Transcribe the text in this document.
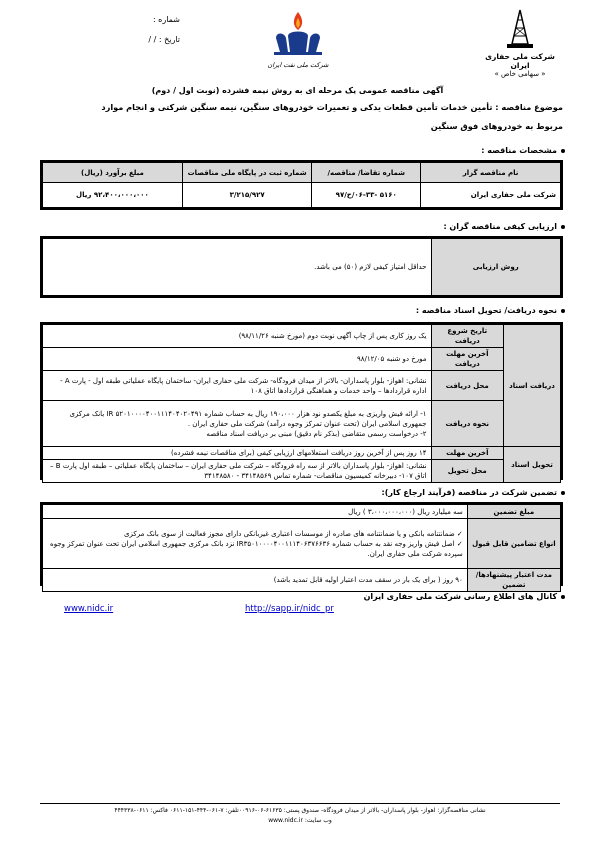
شرکت ملی حفاری ایران
« سهامی خاص »
شرکت ملی نفت ایران
شماره :
تاریخ : / /
آگهی مناقصه عمومی یک مرحله ای به روش نیمه فشرده (نوبت اول / دوم)
موضوع مناقصه : تأمین خدمات تأمین قطعات یدکی و تعمیرات خودروهای سنگین، نیمه سنگین شرکتی و انجام موارد
مربوط به خودروهای فوق سنگین
مشخصات مناقصه :
نام مناقصه گزار	شماره تقاضا/ مناقصه/	شماره ثبت در پایگاه ملی مناقصات	مبلغ برآورد (ریال)
شرکت ملی حفاری ایران	۵۱۶۰ -۰۶-۳۳/ح/۹۷	۳/۲۱۵/۹۲۷	۹۲،۴۰۰،۰۰۰،۰۰۰ ریال
ارزیابی کیفی مناقصه گران :
روش ارزیابی	حداقل امتیاز کیفی لازم (۵۰) می باشد.
نحوه دریافت/ تحویل اسناد مناقصه :
دریافت اسناد	تاریخ شروع دریافت	یک روز کاری پس از چاپ آگهی نوبت دوم (مورخ شنبه ۹۸/۱۱/۲۶)
	آخرین مهلت دریافت	مورخ دو شنبه ۹۸/۱۲/۰۵
	محل دریافت	نشانی: اهواز- بلوار پاسداران- بالاتر از میدان فرودگاه- شرکت ملی حفاری ایران- ساختمان پایگاه عملیاتی طبقه اول - پارت A - اداره قراردادها – واحد خدمات و هماهنگی قراردادها اتاق ۱۰۸
	نحوه دریافت	۱- ارائه فیش واریزی به مبلغ یکصدو نود هزار ۱۹۰،۰۰۰ ریال به حساب شماره ۵۲۰۱۰۰۰۰۴۰۰۱۱۱۴۰۴۰۲۰۴۹۱ IR بانک مرکزی جمهوری اسلامی ایران (تحت عنوان تمرکز وجوه درآمد) شرکت ملی حفاری ایران .
۲- درخواست رسمی متقاضی (بذکر نام دقیق) مبنی بر دریافت اسناد مناقصه

تحویل اسناد	آخرین مهلت	۱۴ روز پس از آخرین روز دریافت استعلامهای ارزیابی کیفی (برای مناقصات نیمه فشرده)
	محل تحویل	نشانی: اهواز- بلوار پاسداران بالاتر از سه راه فرودگاه – شرکت ملی حفاری ایران – ساختمان پایگاه عملیاتی – طبقه اول پارت B – اتاق ۱۰۷- دبیرخانه کمیسیون مناقصات- شماره تماس ۳۴۱۴۸۵۶۹ - ۳۴۱۴۸۵۸۰
تضمین شرکت در مناقصه (فرآیند ارجاع کار):
مبلغ تضمین	سه میلیارد ریال (۳،۰۰۰،۰۰۰،۰۰۰ ) ریال
انواع تضامین قابل قبول	✓ ضمانتنامه بانکی و یا ضمانتنامه های صادره از موسسات اعتباری غیربانکی دارای مجوز فعالیت از سوی بانک مرکزی
✓ اصل فیش واریز وجه نقد به حساب شماره IR۳۵۰۱۰۰۰۰۴۰۰۱۱۱۴۰۶۳۷۶۶۳۶ نزد بانک مرکزی جمهوری اسلامی ایران تحت عنوان تمرکز وجوه سپرده شرکت ملی حفاری ایران.

مدت اعتبار پیشنهادها/ تضمین	۹۰ روز ( برای یک بار در سقف مدت اعتبار اولیه قابل تمدید باشد)
کانال های اطلاع رسانی شرکت ملی حفاری ایران
http://sapp.ir/nidc_pr
www.nidc.ir
نشانی مناقصه‌گزار: اهواز- بلوار پاسداران- بالاتر از میدان فرودگاه- صندوق پستی: ۶۱۶۳۵-۰۶-۰۰۹۱۶تلفن: ۷-۰۶۱-۴۴۴-۱۵۱-۰۶۱۱ فاکس: ۰۶۱۱-۴۴۴۳۳۸
وب سایت: www.nidc.ir
